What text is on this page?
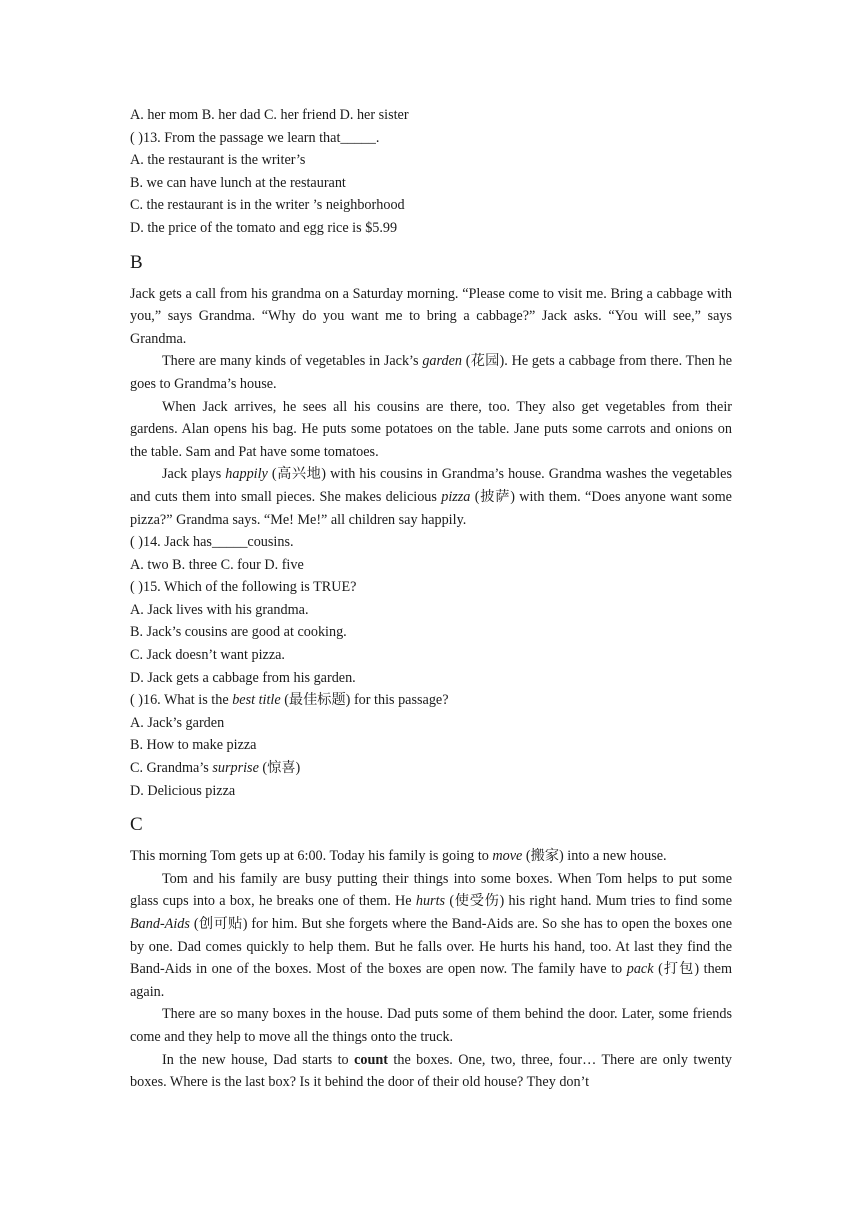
A. her mom B. her dad C. her friend D. her sister
( )13. From the passage we learn that_____.
A. the restaurant is the writer’s
B. we can have lunch at the restaurant
C. the restaurant is in the writer ’s neighborhood
D. the price of the tomato and egg rice is $5.99
B
Jack gets a call from his grandma on a Saturday morning. “Please come to visit me. Bring a cabbage with you,” says Grandma. “Why do you want me to bring a cabbage?” Jack asks. “You will see,” says Grandma.
There are many kinds of vegetables in Jack’s garden (花园). He gets a cabbage from there. Then he goes to Grandma’s house.
When Jack arrives, he sees all his cousins are there, too. They also get vegetables from their gardens. Alan opens his bag. He puts some potatoes on the table. Jane puts some carrots and onions on the table. Sam and Pat have some tomatoes.
Jack plays happily (高兴地) with his cousins in Grandma’s house. Grandma washes the vegetables and cuts them into small pieces. She makes delicious pizza (披萨) with them. “Does anyone want some pizza?” Grandma says. “Me! Me!” all children say happily.
( )14. Jack has_____cousins.
A. two B. three C. four D. five
( )15. Which of the following is TRUE?
A. Jack lives with his grandma.
B. Jack’s cousins are good at cooking.
C. Jack doesn’t want pizza.
D. Jack gets a cabbage from his garden.
( )16. What is the best title (最佳标题) for this passage?
A. Jack’s garden
B. How to make pizza
C. Grandma’s surprise (惊喜)
D. Delicious pizza
C
This morning Tom gets up at 6:00. Today his family is going to move (搬家) into a new house.
Tom and his family are busy putting their things into some boxes. When Tom helps to put some glass cups into a box, he breaks one of them. He hurts (使受伤) his right hand. Mum tries to find some Band-Aids (创可贴) for him. But she forgets where the Band-Aids are. So she has to open the boxes one by one. Dad comes quickly to help them. But he falls over. He hurts his hand, too. At last they find the Band-Aids in one of the boxes. Most of the boxes are open now. The family have to pack (打包) them again.
There are so many boxes in the house. Dad puts some of them behind the door. Later, some friends come and they help to move all the things onto the truck.
In the new house, Dad starts to count the boxes. One, two, three, four… There are only twenty boxes. Where is the last box? Is it behind the door of their old house? They don’t
